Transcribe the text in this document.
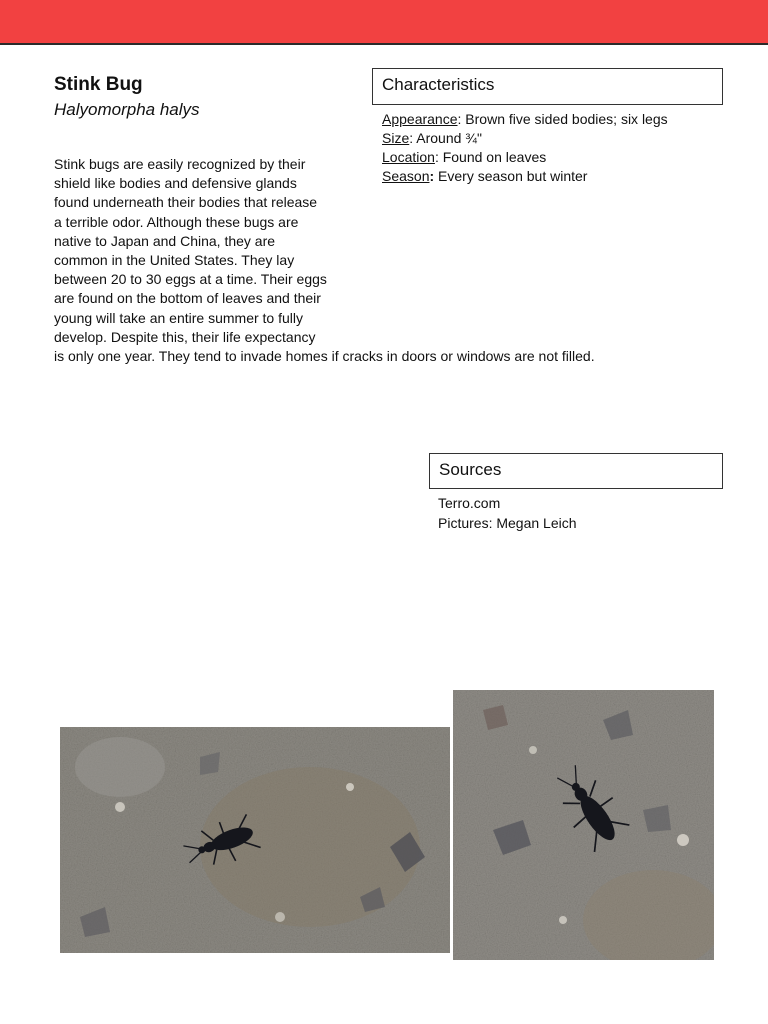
Stink Bug
Halyomorpha halys
Stink bugs are easily recognized by their shield like bodies and defensive glands found underneath their bodies that release a terrible odor. Although these bugs are native to Japan and China, they are common in the United States. They lay between 20 to 30 eggs at a time. Their eggs are found on the bottom of leaves and their young will take an entire summer to fully develop. Despite this, their life expectancy is only one year. They tend to invade homes if cracks in doors or windows are not filled.
Characteristics
Appearance: Brown five sided bodies; six legs
Size: Around ¾"
Location: Found on leaves
Season: Every season but winter
Sources
Terro.com
Pictures: Megan Leich
